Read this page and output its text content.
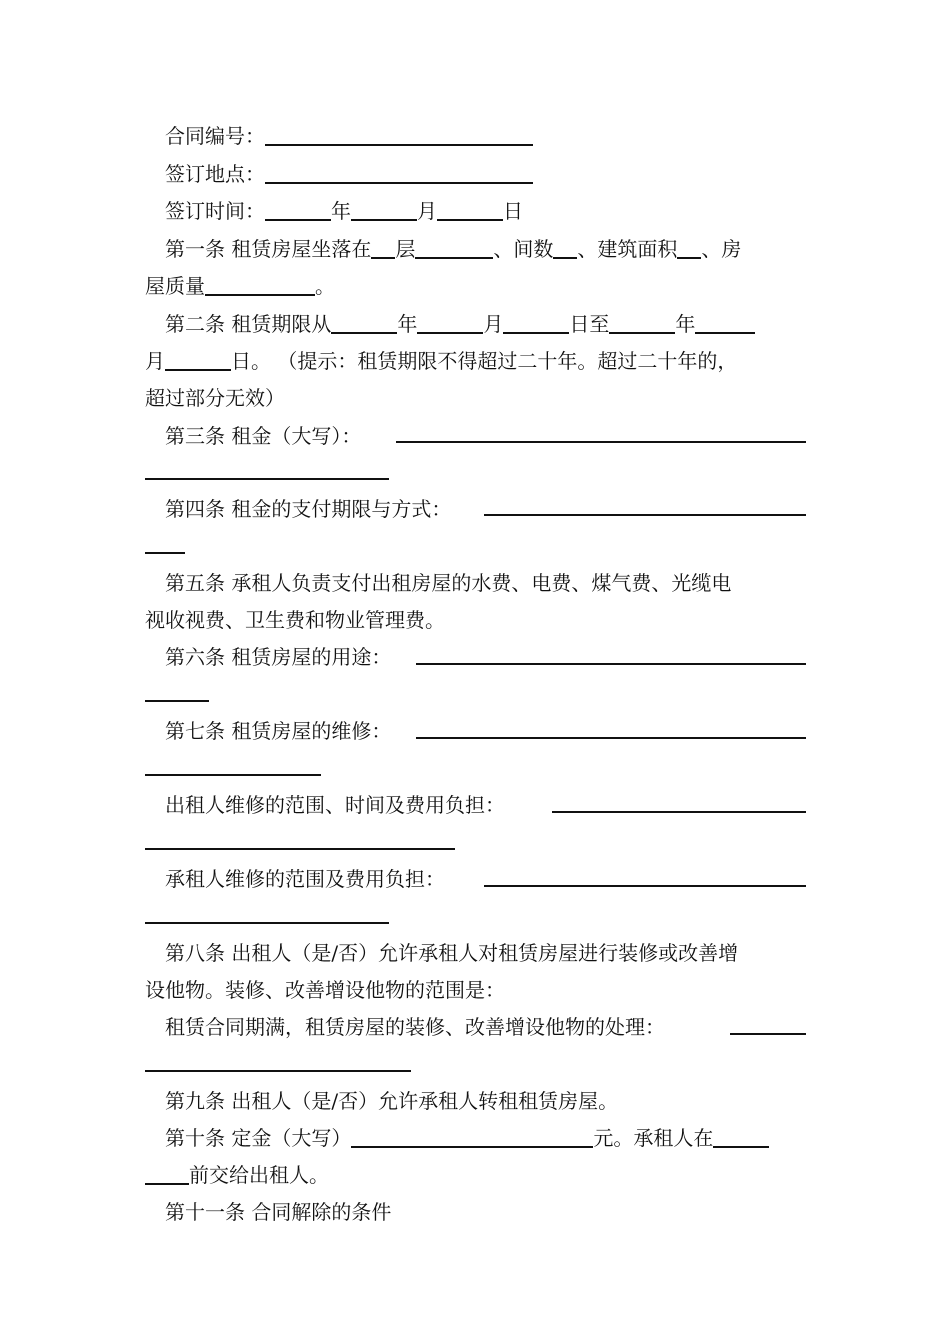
合同编号：
签订地点：
签订时间：	年	月	日
第一条 租赁房屋坐落在 层	、间数 、建筑面积 、房
屋质量	。
第二条 租赁期限从	年	月	日至	年
月	日。 （提示：租赁期限不得超过二十年。超过二十年的，
超过部分无效）
第三条 租金（大写）：
第四条 租金的支付期限与方式：
第五条 承租人负责支付出租房屋的水费、电费、煤气费、光缆电
视收视费、卫生费和物业管理费。
第六条 租赁房屋的用途：
第七条 租赁房屋的维修：
出租人维修的范围、时间及费用负担：
承租人维修的范围及费用负担：
第八条 出租人（是/否）允许承租人对租赁房屋进行装修或改善增
设他物。装修、改善增设他物的范围是：
租赁合同期满，租赁房屋的装修、改善增设他物的处理：
第九条 出租人（是/否）允许承租人转租租赁房屋。
第十条 定金（大写）	元。承租人在
前交给出租人。
第十一条 合同解除的条件
